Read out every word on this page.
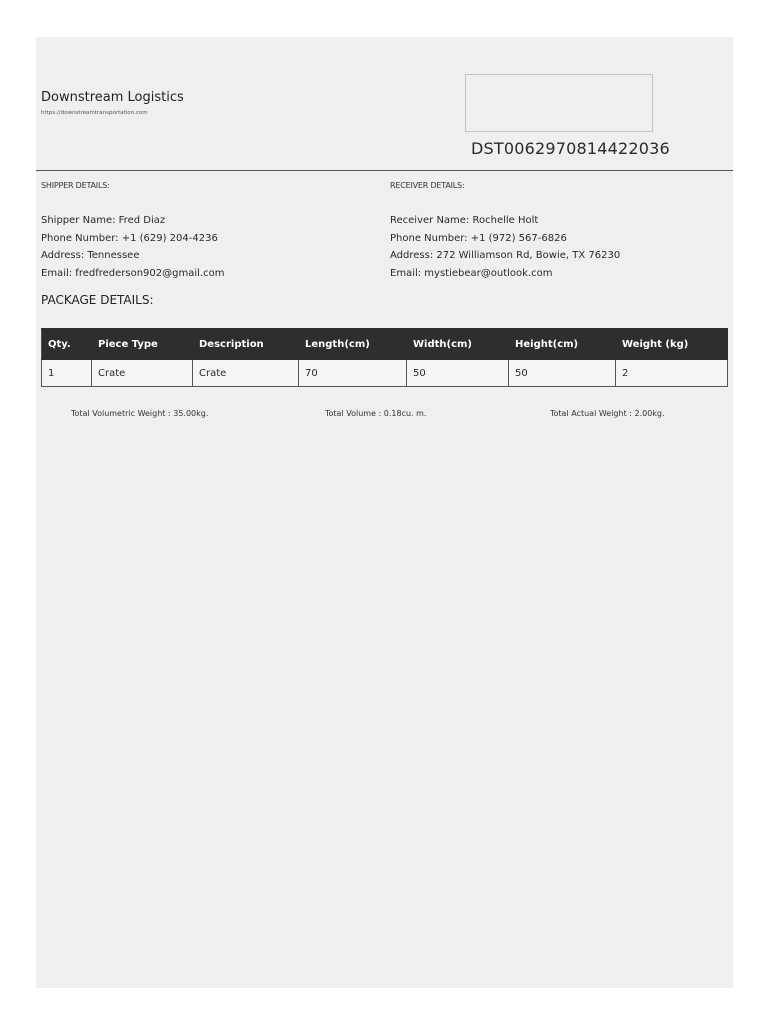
Downstream Logistics
https://downstreamtransportation.com
DST0062970814422036
SHIPPER DETAILS:	RECEIVER DETAILS:
Shipper Name: Fred Diaz
Phone Number: +1 (629) 204-4236
Address: Tennessee
Email: fredfrederson902@gmail.com
Receiver Name: Rochelle Holt
Phone Number: +1 (972) 567-6826
Address: 272 Williamson Rd, Bowie, TX 76230
Email: mystiebear@outlook.com
PACKAGE DETAILS:
Qty.	Piece Type	Description	Length(cm)	Width(cm)	Height(cm)	Weight (kg)
1	Crate	Crate	70	50	50	2
Total Volumetric Weight : 35.00kg.	Total Volume : 0.18cu. m.	Total Actual Weight : 2.00kg.
